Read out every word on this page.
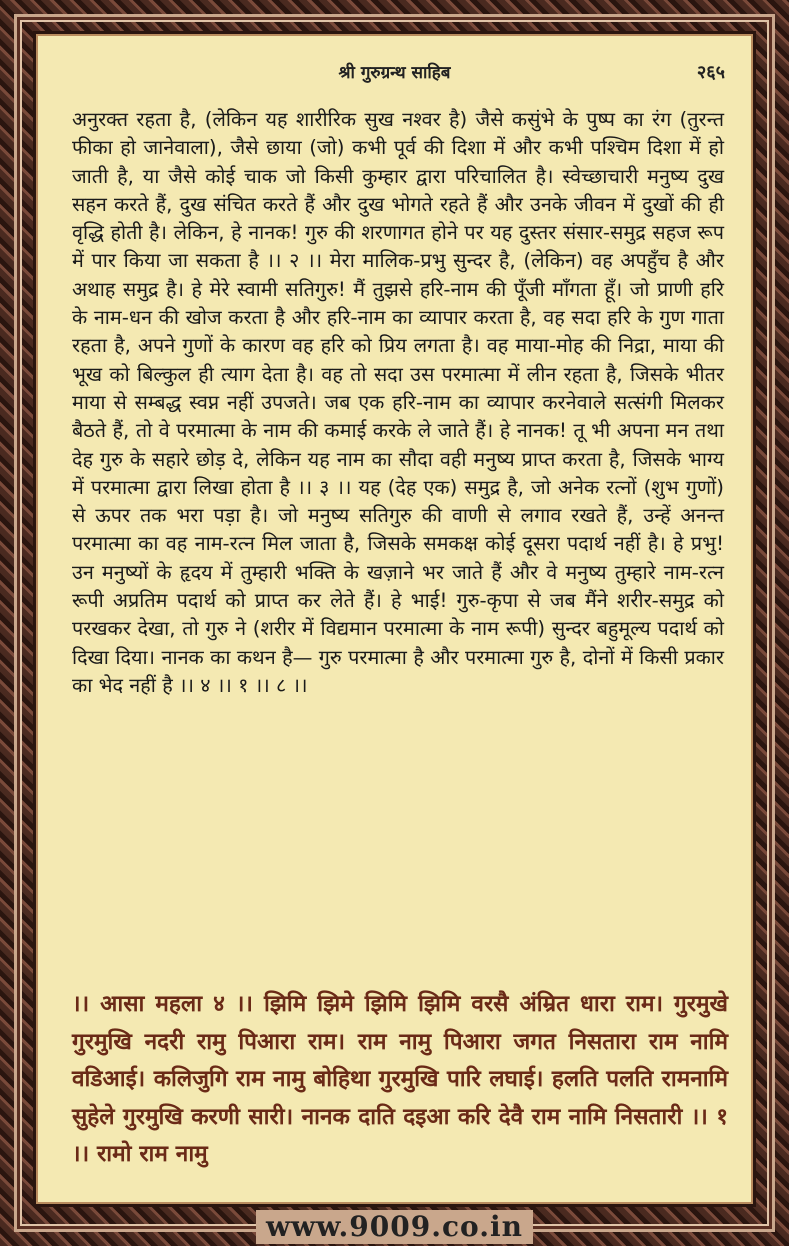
श्री गुरुग्रन्थ साहिब	२६५
अनुरक्त रहता है, (लेकिन यह शारीरिक सुख नश्वर है) जैसे कसुंभे के पुष्प का रंग (तुरन्त फीका हो जानेवाला), जैसे छाया (जो) कभी पूर्व की दिशा में और कभी पश्चिम दिशा में हो जाती है, या जैसे कोई चाक जो किसी कुम्हार द्वारा परिचालित है। स्वेच्छाचारी मनुष्य दुख सहन करते हैं, दुख संचित करते हैं और दुख भोगते रहते हैं और उनके जीवन में दुखों की ही वृद्धि होती है। लेकिन, हे नानक! गुरु की शरणागत होने पर यह दुस्तर संसार-समुद्र सहज रूप में पार किया जा सकता है ।। २ ।। मेरा मालिक-प्रभु सुन्दर है, (लेकिन) वह अपहुँच है और अथाह समुद्र है। हे मेरे स्वामी सतिगुरु! मैं तुझसे हरि-नाम की पूँजी माँगता हूँ। जो प्राणी हरि के नाम-धन की खोज करता है और हरि-नाम का व्यापार करता है, वह सदा हरि के गुण गाता रहता है, अपने गुणों के कारण वह हरि को प्रिय लगता है। वह माया-मोह की निद्रा, माया की भूख को बिल्कुल ही त्याग देता है। वह तो सदा उस परमात्मा में लीन रहता है, जिसके भीतर माया से सम्बद्ध स्वप्न नहीं उपजते। जब एक हरि-नाम का व्यापार करनेवाले सत्संगी मिलकर बैठते हैं, तो वे परमात्मा के नाम की कमाई करके ले जाते हैं। हे नानक! तू भी अपना मन तथा देह गुरु के सहारे छोड़ दे, लेकिन यह नाम का सौदा वही मनुष्य प्राप्त करता है, जिसके भाग्य में परमात्मा द्वारा लिखा होता है ।। ३ ।। यह (देह एक) समुद्र है, जो अनेक रत्नों (शुभ गुणों) से ऊपर तक भरा पड़ा है। जो मनुष्य सतिगुरु की वाणी से लगाव रखते हैं, उन्हें अनन्त परमात्मा का वह नाम-रत्न मिल जाता है, जिसके समकक्ष कोई दूसरा पदार्थ नहीं है। हे प्रभु! उन मनुष्यों के हृदय में तुम्हारी भक्ति के खज़ाने भर जाते हैं और वे मनुष्य तुम्हारे नाम-रत्न रूपी अप्रतिम पदार्थ को प्राप्त कर लेते हैं। हे भाई! गुरु-कृपा से जब मैंने शरीर-समुद्र को परखकर देखा, तो गुरु ने (शरीर में विद्यमान परमात्मा के नाम रूपी) सुन्दर बहुमूल्य पदार्थ को दिखा दिया। नानक का कथन है— गुरु परमात्मा है और परमात्मा गुरु है, दोनों में किसी प्रकार का भेद नहीं है ।। ४ ।। १ ।। ८ ।।
।। आसा महला ४ ।। झिमि झिमे झिमि झिमि वरसै अंम्रित धारा राम। गुरमुखे गुरमुखि नदरी रामु पिआरा राम। राम नामु पिआरा जगत निसतारा राम नामि वडिआई। कलिजुगि राम नामु बोहिथा गुरमुखि पारि लघाई। हलति पलति रामनामि सुहेले गुरमुखि करणी सारी। नानक दाति दइआ करि देवै राम नामि निसतारी ।। १ ।। रामो राम नामु
www.9009.co.in
